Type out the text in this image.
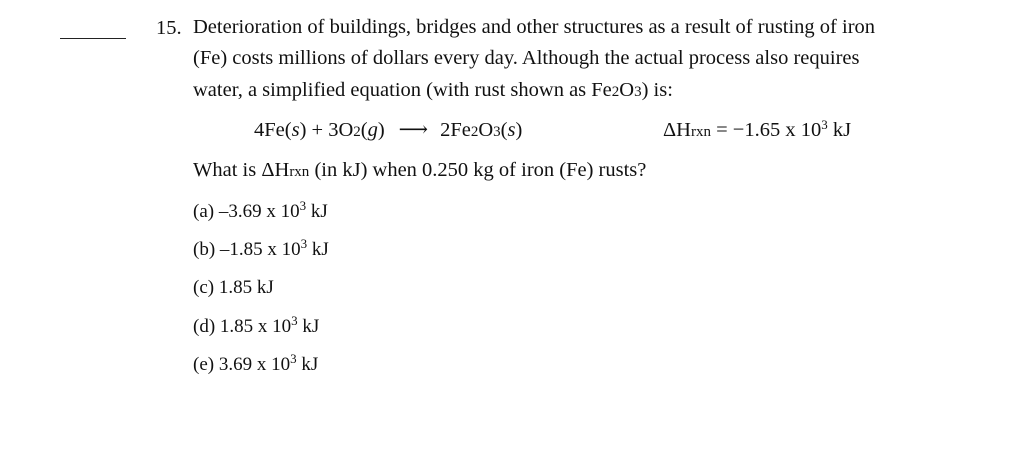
15. Deterioration of buildings, bridges and other structures as a result of rusting of iron
(Fe) costs millions of dollars every day. Although the actual process also requires
water, a simplified equation (with rust shown as Fe2O3) is:
4Fe(s) + 3O2(g) ⟶ 2Fe2O3(s)	ΔHrxn = −1.65 x $10^3$ kJ
What is ΔHrxn (in kJ) when 0.250 kg of iron (Fe) rusts?
(a) –3.69 x $10^3$ kJ
(b) –1.85 x $10^3$ kJ
(c) 1.85 kJ
(d) 1.85 x $10^3$ kJ
(e) 3.69 x $10^3$ kJ
